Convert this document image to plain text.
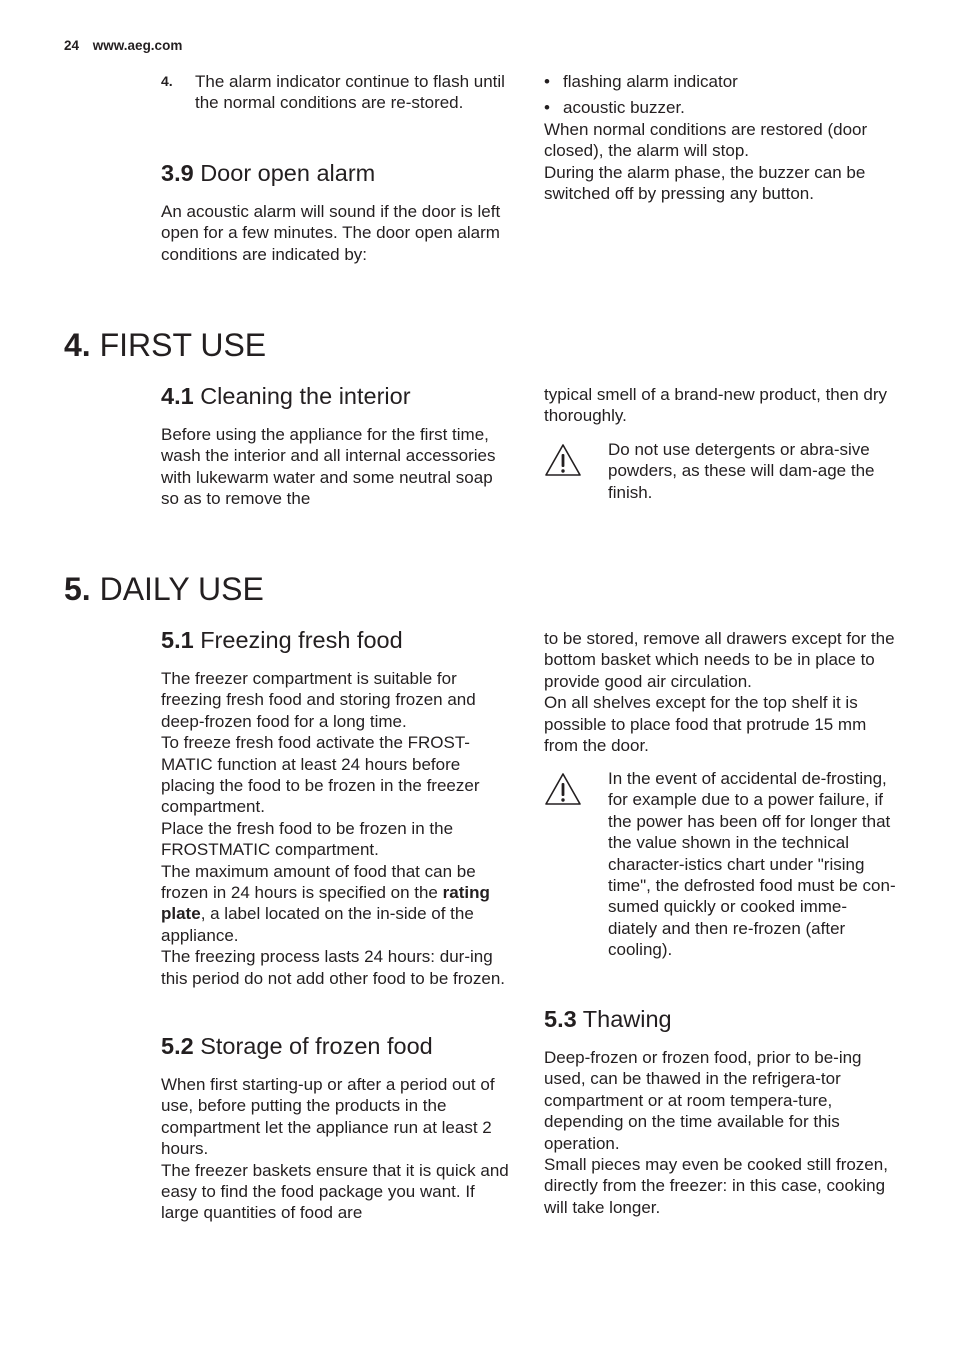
24 www.aeg.com
4.	The alarm indicator continue to flash until the normal conditions are re-stored.
3.9 Door open alarm

An acoustic alarm will sound if the door is left open for a few minutes. The door open alarm conditions are indicated by:

• flashing alarm indicator
• acoustic buzzer.

When normal conditions are restored (door closed), the alarm will stop.

During the alarm phase, the buzzer can be switched off by pressing any button.

4. FIRST USE
4.1 Cleaning the interior

Before using the appliance for the first time, wash the interior and all internal accessories with lukewarm water and some neutral soap so as to remove the

typical smell of a brand-new product, then dry thoroughly.

Do not use detergents or abra-sive powders, as these will dam-age the finish.
5. DAILY USE
5.1 Freezing fresh food

The freezer compartment is suitable for freezing fresh food and storing frozen and deep-frozen food for a long time.

To freeze fresh food activate the FROST-MATIC function at least 24 hours before placing the food to be frozen in the freezer compartment.

Place the fresh food to be frozen in the FROSTMATIC compartment.

The maximum amount of food that can be frozen in 24 hours is specified on the rating plate, a label located on the in-side of the appliance.

The freezing process lasts 24 hours: dur-ing this period do not add other food to be frozen.

5.2 Storage of frozen food

When first starting-up or after a period out of use, before putting the products in the compartment let the appliance run at least 2 hours.

The freezer baskets ensure that it is quick and easy to find the food package you want. If large quantities of food are

to be stored, remove all drawers except for the bottom basket which needs to be in place to provide good air circulation.

On all shelves except for the top shelf it is possible to place food that protrude 15 mm from the door.

In the event of accidental de-frosting, for example due to a power failure, if the power has been off for longer that the value shown in the technical character-istics chart under "rising time", the defrosted food must be con-sumed quickly or cooked imme-diately and then re-frozen (after cooling).
5.3 Thawing

Deep-frozen or frozen food, prior to be-ing used, can be thawed in the refrigera-tor compartment or at room tempera-ture, depending on the time available for this operation.

Small pieces may even be cooked still frozen, directly from the freezer: in this case, cooking will take longer.
